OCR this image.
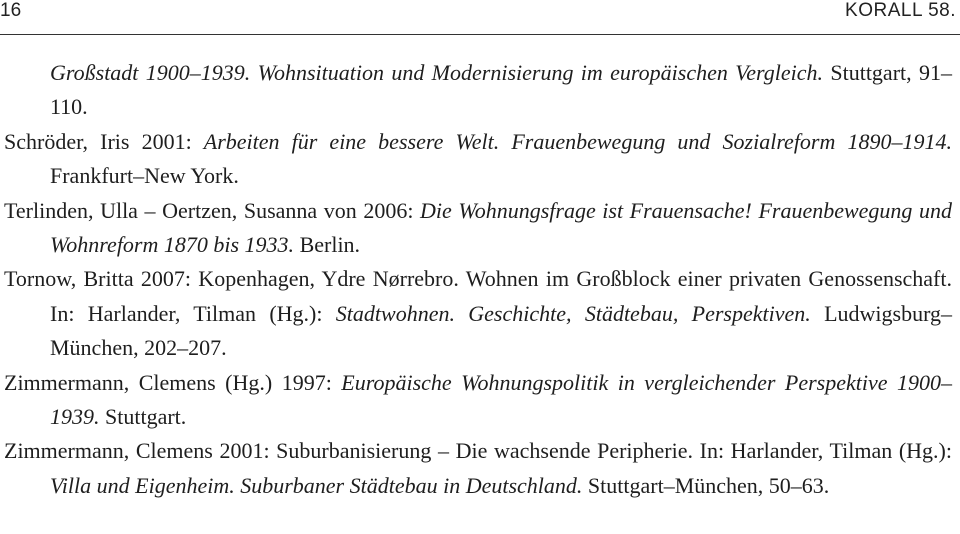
16	KORALL 58.
Großstadt 1900–1939. Wohnsituation und Modernisierung im europäischen Vergleich. Stuttgart, 91–110.
Schröder, Iris 2001: Arbeiten für eine bessere Welt. Frauenbewegung und Sozialreform 1890–1914. Frankfurt–New York.
Terlinden, Ulla – Oertzen, Susanna von 2006: Die Wohnungsfrage ist Frauensache! Frauenbewegung und Wohnreform 1870 bis 1933. Berlin.
Tornow, Britta 2007: Kopenhagen, Ydre Nørrebro. Wohnen im Großblock einer privaten Genossenschaft. In: Harlander, Tilman (Hg.): Stadtwohnen. Geschichte, Städtebau, Perspektiven. Ludwigsburg–München, 202–207.
Zimmermann, Clemens (Hg.) 1997: Europäische Wohnungspolitik in vergleichender Perspektive 1900–1939. Stuttgart.
Zimmermann, Clemens 2001: Suburbanisierung – Die wachsende Peripherie. In: Harlander, Tilman (Hg.): Villa und Eigenheim. Suburbaner Städtebau in Deutschland. Stuttgart–München, 50–63.
